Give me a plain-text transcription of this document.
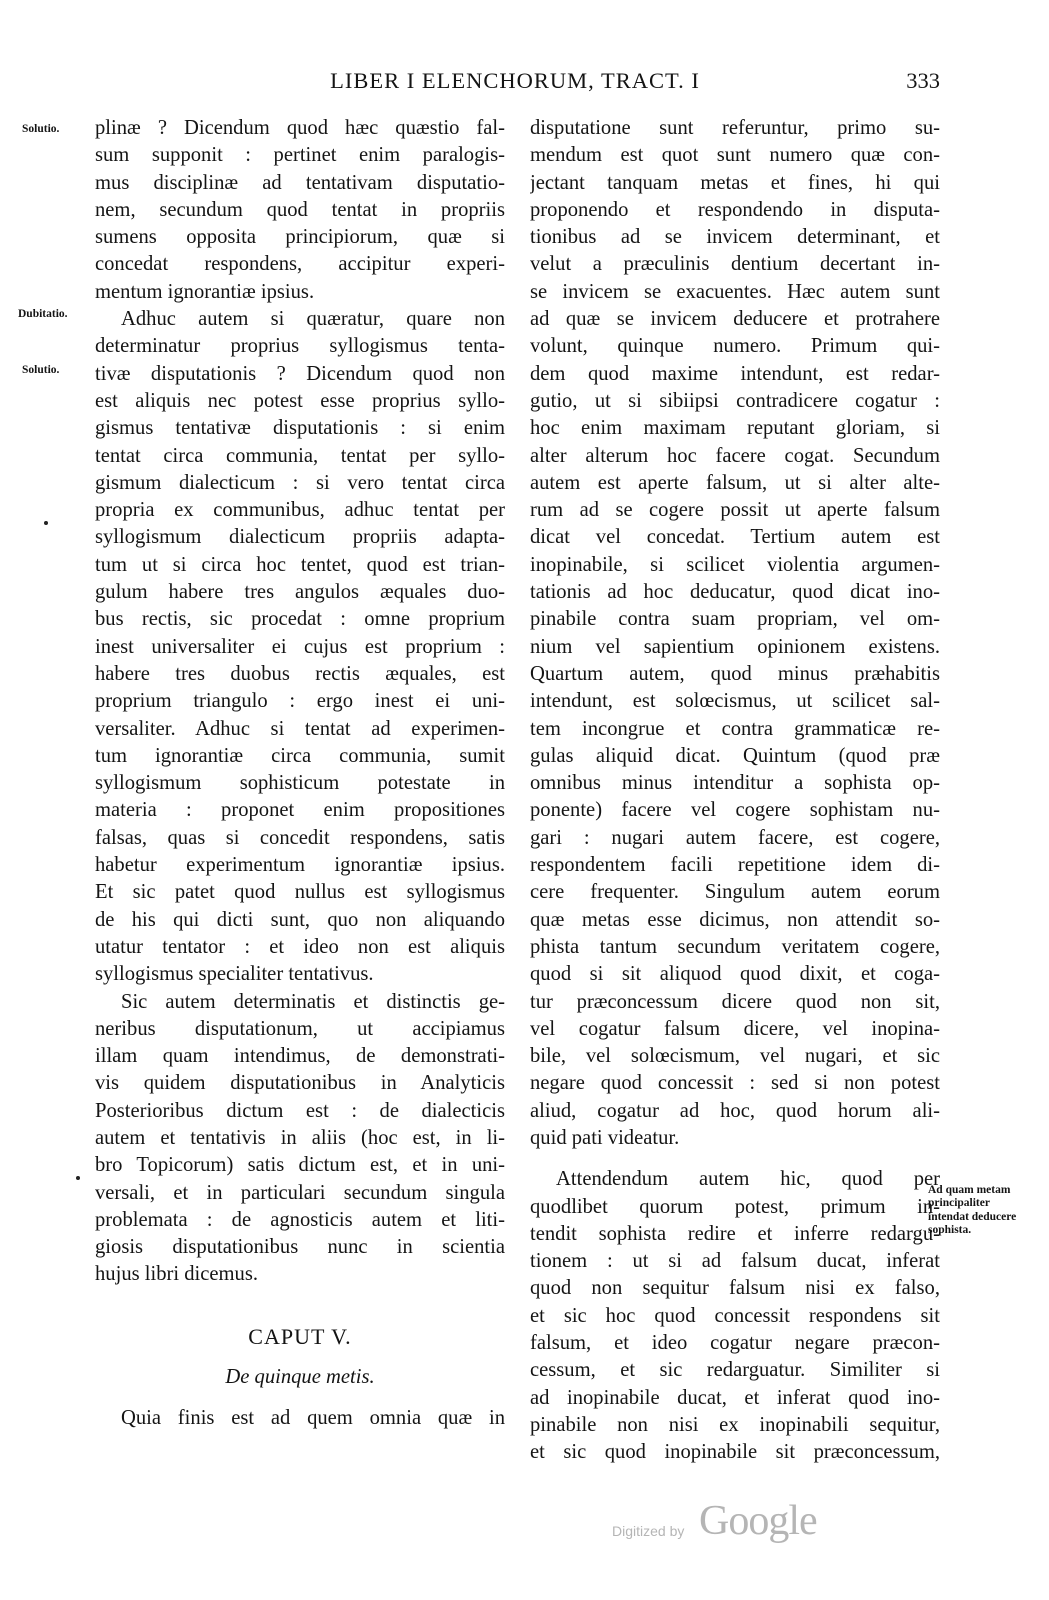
LIBER I ELENCHORUM, TRACT. I	333
Solutio.
Dubitatio.
Solutio.
Ad quam metam principaliter intendat deducere sophista.
plinæ ? Dicendum quod hæc quæstio fal-
sum supponit : pertinet enim paralogis-
mus disciplinæ ad tentativam disputatio-
nem, secundum quod tentat in propriis
sumens opposita principiorum, quæ si
concedat respondens, accipitur experi-
mentum ignorantiæ ipsius.
Adhuc autem si quæratur, quare non
determinatur proprius syllogismus tenta-
tivæ disputationis ? Dicendum quod non
est aliquis nec potest esse proprius syllo-
gismus tentativæ disputationis : si enim
tentat circa communia, tentat per syllo-
gismum dialecticum : si vero tentat circa
propria ex communibus, adhuc tentat per
syllogismum dialecticum propriis adapta-
tum ut si circa hoc tentet, quod est trian-
gulum habere tres angulos æquales duo-
bus rectis, sic procedat : omne proprium
inest universaliter ei cujus est proprium :
habere tres duobus rectis æquales, est
proprium triangulo : ergo inest ei uni-
versaliter. Adhuc si tentat ad experimen-
tum ignorantiæ circa communia, sumit
syllogismum sophisticum potestate in
materia : proponet enim propositiones
falsas, quas si concedit respondens, satis
habetur experimentum ignorantiæ ipsius.
Et sic patet quod nullus est syllogismus
de his qui dicti sunt, quo non aliquando
utatur tentator : et ideo non est aliquis
syllogismus specialiter tentativus.
Sic autem determinatis et distinctis ge-
neribus disputationum, ut accipiamus
illam quam intendimus, de demonstrati-
vis quidem disputationibus in Analyticis
Posterioribus dictum est : de dialecticis
autem et tentativis in aliis (hoc est, in li-
bro Topicorum) satis dictum est, et in uni-
versali, et in particulari secundum singula
problemata : de agnosticis autem et liti-
giosis disputationibus nunc in scientia
hujus libri dicemus.
CAPUT V.
De quinque metis.
Quia finis est ad quem omnia quæ in
disputatione sunt referuntur, primo su-
mendum est quot sunt numero quæ con-
jectant tanquam metas et fines, hi qui
proponendo et respondendo in disputa-
tionibus ad se invicem determinant, et
velut a præculinis dentium decertant in-
se invicem se exacuentes. Hæc autem sunt
ad quæ se invicem deducere et protrahere
volunt, quinque numero. Primum qui-
dem quod maxime intendunt, est redar-
gutio, ut si sibiipsi contradicere cogatur :
hoc enim maximam reputant gloriam, si
alter alterum hoc facere cogat. Secundum
autem est aperte falsum, ut si alter alte-
rum ad se cogere possit ut aperte falsum
dicat vel concedat. Tertium autem est
inopinabile, si scilicet violentia argumen-
tationis ad hoc deducatur, quod dicat ino-
pinabile contra suam propriam, vel om-
nium vel sapientium opinionem existens.
Quartum autem, quod minus præhabitis
intendunt, est solœcismus, ut scilicet sal-
tem incongrue et contra grammaticæ re-
gulas aliquid dicat. Quintum (quod præ
omnibus minus intenditur a sophista op-
ponente) facere vel cogere sophistam nu-
gari : nugari autem facere, est cogere,
respondentem facili repetitione idem di-
cere frequenter. Singulum autem eorum
quæ metas esse dicimus, non attendit so-
phista tantum secundum veritatem cogere,
quod si sit aliquod quod dixit, et coga-
tur præconcessum dicere quod non sit,
vel cogatur falsum dicere, vel inopina-
bile, vel solœcismum, vel nugari, et sic
negare quod concessit : sed si non potest
aliud, cogatur ad hoc, quod horum ali-
quid pati videatur.
Attendendum autem hic, quod per
quodlibet quorum potest, primum in-
tendit sophista redire et inferre redargu-
tionem : ut si ad falsum ducat, inferat
quod non sequitur falsum nisi ex falso,
et sic hoc quod concessit respondens sit
falsum, et ideo cogatur negare præcon-
cessum, et sic redarguatur. Similiter si
ad inopinabile ducat, et inferat quod ino-
pinabile non nisi ex inopinabili sequitur,
et sic quod inopinabile sit præconcessum,
Digitized by Google
